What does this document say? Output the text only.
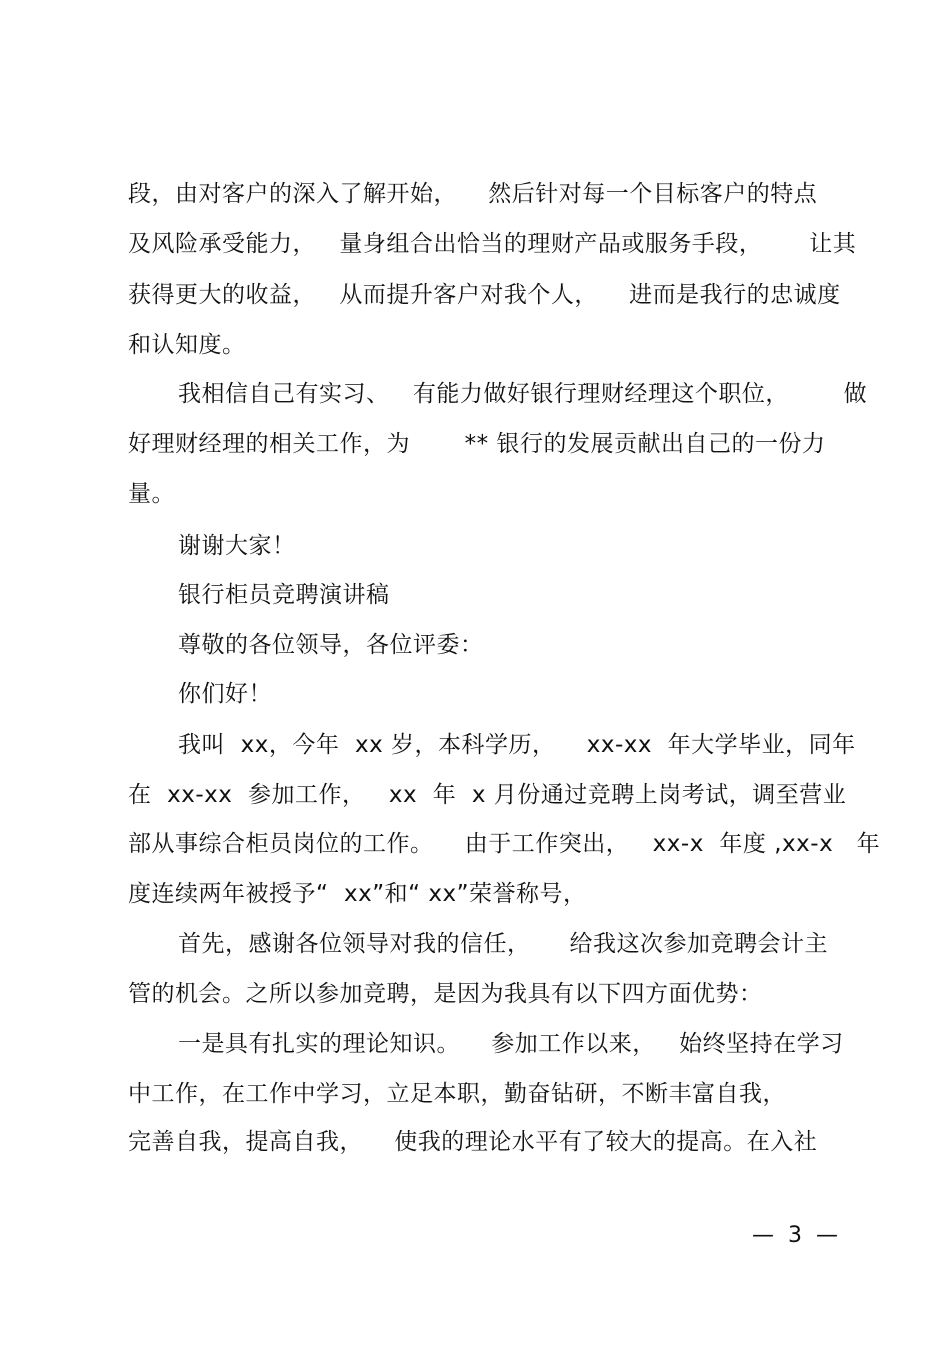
段，由对客户的深入了解开始，    然后针对每一个目标客户的特点
及风险承受能力，   量身组合出恰当的理财产品或服务手段，      让其
获得更大的收益，   从而提升客户对我个人，    进而是我行的忠诚度
和认知度。
我相信自己有实习、   有能力做好银行理财经理这个职位，       做
好理财经理的相关工作，为       ** 银行的发展贡献出自己的一份力
量。
谢谢大家！
银行柜员竞聘演讲稿
尊敬的各位领导，各位评委：
你们好！
我叫  xx，今年  xx 岁，本科学历，    xx-xx  年大学毕业，同年
在  xx-xx  参加工作，   xx  年  x 月份通过竞聘上岗考试，调至营业
部从事综合柜员岗位的工作。    由于工作突出，   xx-x  年度 ,xx-x   年
度连续两年被授予“  xx”和“ xx”荣誉称号，
首先，感谢各位领导对我的信任，     给我这次参加竞聘会计主
管的机会。之所以参加竞聘，是因为我具有以下四方面优势：
一是具有扎实的理论知识。    参加工作以来，   始终坚持在学习
中工作，在工作中学习，立足本职，勤奋钻研，不断丰富自我，
完善自我，提高自我，    使我的理论水平有了较大的提高。在入社
—  3  —
